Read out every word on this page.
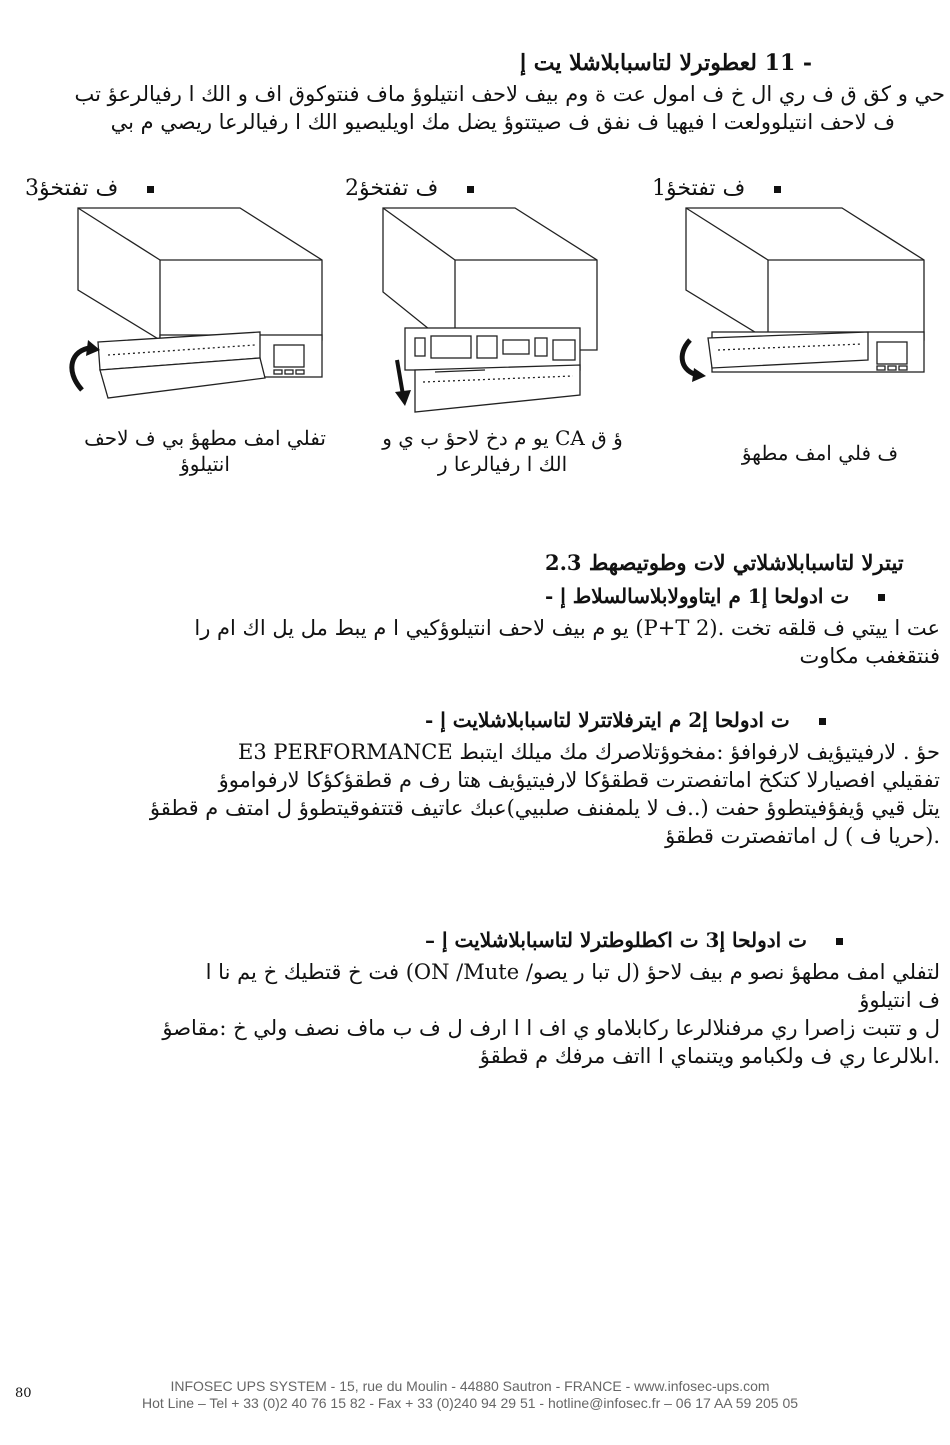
لعطوترلا لتاسبابلاشلا يت إ 11 -
حي و كق ق ف ري ال خ ف امول عت ة وم بيف لاحف انتيلوؤ ماف فنتوكوق اف و الك ا رفيالرعؤ تب
ف لاحف انتيلوولعت ا فيهيا ف نفق ف صيتتوؤ يضل مك اويليصيو الك ا رفيالرعا ريصي م بي
3ف تفتخؤ	2ف تفتخؤ	1ف تفتخؤ
تفلي امف مطهؤ بي ف لاحف انتيلوؤ
ؤ ق CA يو م دخ لاحؤ ب ي و الك ا رفيالرعا ر	ف فلي امف مطهؤ
2.3 تيترلا لتاسبابلاشلاتي لات وطوتيصهط
ت ادولحا إ1 م ايتاوولابلاسالسلاط إ -
عت ا ييتي ف قلقه تخت .(2 P+T) يو م بيف لاحف انتيلوؤكيي ا م يبط مل يل اك ام را
فنتقغفب مكاوت
ت ادولحا إ2 م ايترفلاتترلا لتاسبابلاشلايت إ -
حؤ . لارفيتيؤيف لارفوافؤ :مفخوؤتلاصرك مك ميلك ايتبط E3 PERFORMANCE
تفقيلي افصيارلا كتكخ اماتفصترت قطقؤكا لارفيتيؤيف هتا رف م قطقؤكؤكا لارفواموؤ
يتل قيي ؤيفؤفيتطوؤ حفت (..ف لا يلمفنف صلبيي)عبك عاتيف قتتفوقيتطوؤ ل امتف م قطقؤ
.(حريا ف ) ل اماتفصترت قطقؤ
ت ادولحا إ3 ت اكطلوطترلا لتاسبابلاشلايت إ –
لتفلي امف مطهؤ نصو م بيف لاحؤ (ل تبا ر يصو/ ON /Mute) فت خ قتطيك خ يم نا ا
ف انتيلوؤ
ل و تتبت زاصرا ري مرفنلالرعا ركابلاماو ي اف ا ا ارف ل ف ب ماف نصف ولي خ :مقاصؤ
.اىلالرعا ري ف ولكبامو ويتنماي ا ااتف مرفك م قطقؤ
80	INFOSEC UPS SYSTEM - 15, rue du Moulin - 44880 Sautron - FRANCE - www.infosec-ups.com
Hot Line – Tel + 33 (0)2 40 76 15 82 - Fax + 33 (0)240 94 29 51 - hotline@infosec.fr – 06 17 AA 59 205 05
